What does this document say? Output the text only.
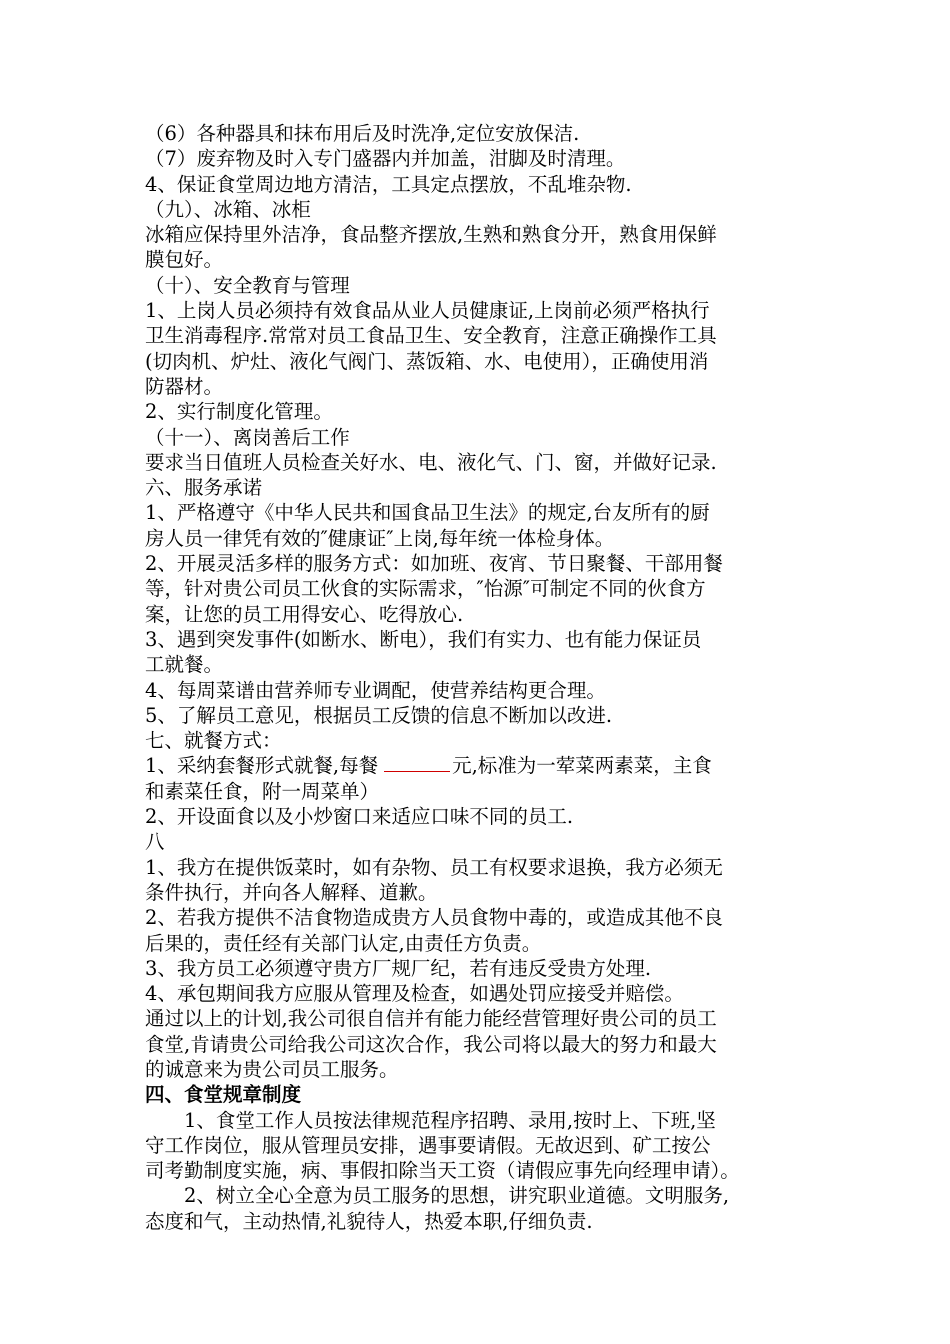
（6）各种器具和抹布用后及时洗净,定位安放保洁.
（7）废弃物及时入专门盛器内并加盖，泔脚及时清理。
4、保证食堂周边地方清洁，工具定点摆放，不乱堆杂物.
（九）、冰箱、冰柜
冰箱应保持里外洁净，食品整齐摆放,生熟和熟食分开，熟食用保鲜
膜包好。
（十）、安全教育与管理
1、上岗人员必须持有效食品从业人员健康证,上岗前必须严格执行
卫生消毒程序.常常对员工食品卫生、安全教育，注意正确操作工具
(切肉机、炉灶、液化气阀门、蒸饭箱、水、电使用），正确使用消
防器材。
2、实行制度化管理。
（十一）、离岗善后工作
要求当日值班人员检查关好水、电、液化气、门、窗，并做好记录.
六、服务承诺
1、严格遵守《中华人民共和国食品卫生法》的规定,台友所有的厨
房人员一律凭有效的″健康证″上岗,每年统一体检身体。
2、开展灵活多样的服务方式：如加班、夜宵、节日聚餐、干部用餐
等，针对贵公司员工伙食的实际需求，″怡源″可制定不同的伙食方
案，让您的员工用得安心、吃得放心.
3、遇到突发事件(如断水、断电），我们有实力、也有能力保证员
工就餐。
4、每周菜谱由营养师专业调配，使营养结构更合理。
5、了解员工意见，根据员工反馈的信息不断加以改进.
七、就餐方式：
1、采纳套餐形式就餐,每餐	元,标准为一荤菜两素菜，主食
和素菜任食，附一周菜单）
2、开设面食以及小炒窗口来适应口味不同的员工.
八
1、我方在提供饭菜时，如有杂物、员工有权要求退换，我方必须无
条件执行，并向各人解释、道歉。
2、若我方提供不洁食物造成贵方人员食物中毒的，或造成其他不良
后果的，责任经有关部门认定,由责任方负责。
3、我方员工必须遵守贵方厂规厂纪，若有违反受贵方处理.
4、承包期间我方应服从管理及检查，如遇处罚应接受并赔偿。
通过以上的计划,我公司很自信并有能力能经营管理好贵公司的员工
食堂,肯请贵公司给我公司这次合作，我公司将以最大的努力和最大
的诚意来为贵公司员工服务。
四、食堂规章制度
　　1、食堂工作人员按法律规范程序招聘、录用,按时上、下班,坚
守工作岗位，服从管理员安排，遇事要请假。无故迟到、矿工按公
司考勤制度实施，病、事假扣除当天工资（请假应事先向经理申请）。
　　2、树立全心全意为员工服务的思想，讲究职业道德。文明服务,
态度和气，主动热情,礼貌待人，热爱本职,仔细负责.
